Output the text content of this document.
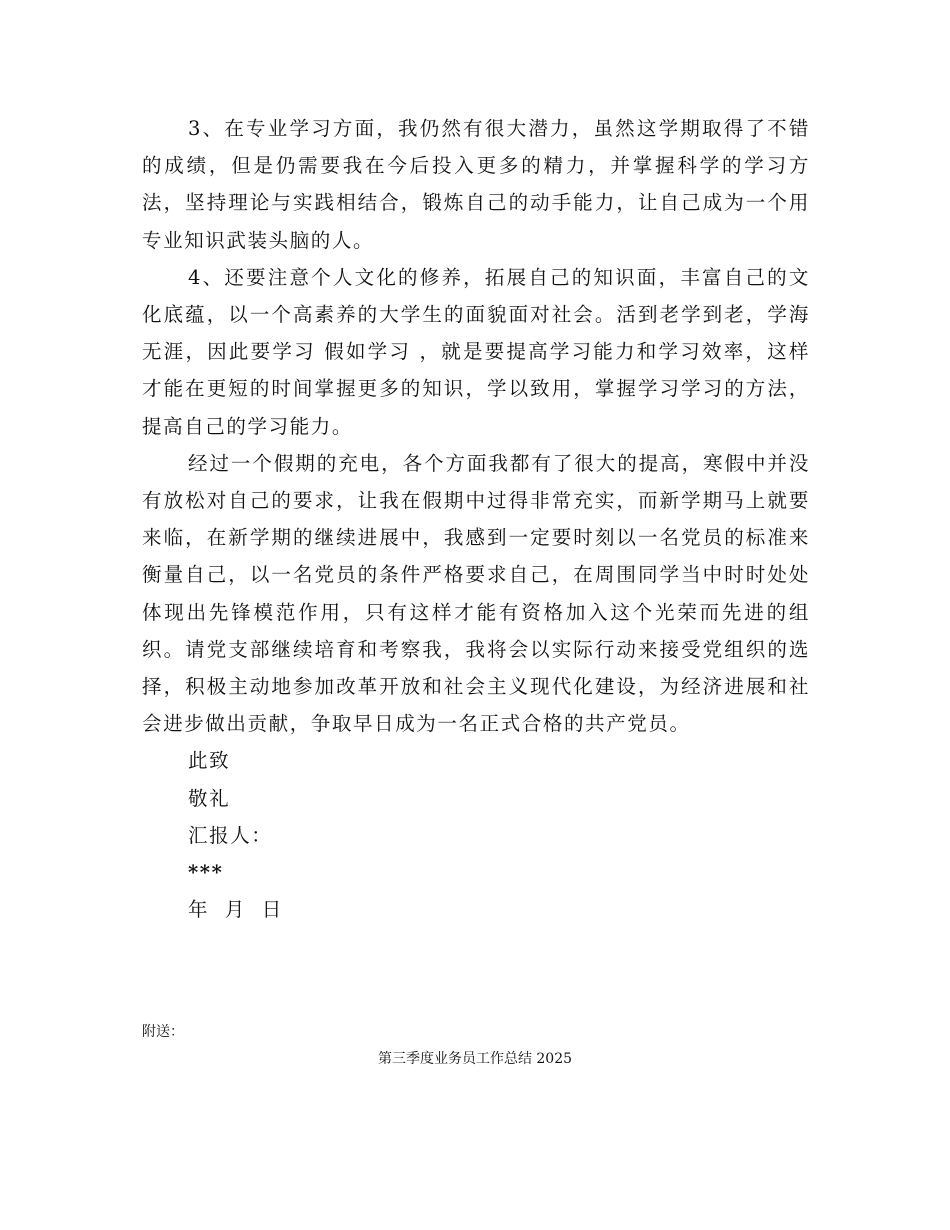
3、在专业学习方面，我仍然有很大潜力，虽然这学期取得了不错的成绩，但是仍需要我在今后投入更多的精力，并掌握科学的学习方法，坚持理论与实践相结合，锻炼自己的动手能力，让自己成为一个用专业知识武装头脑的人。

4、还要注意个人文化的修养，拓展自己的知识面，丰富自己的文化底蕴，以一个高素养的大学生的面貌面对社会。活到老学到老，学海无涯，因此要学习 假如学习 ，就是要提高学习能力和学习效率，这样才能在更短的时间掌握更多的知识，学以致用，掌握学习学习的方法，提高自己的学习能力。

经过一个假期的充电，各个方面我都有了很大的提高，寒假中并没有放松对自己的要求，让我在假期中过得非常充实，而新学期马上就要来临，在新学期的继续进展中，我感到一定要时刻以一名党员的标准来衡量自己，以一名党员的条件严格要求自己，在周围同学当中时时处处体现出先锋模范作用，只有这样才能有资格加入这个光荣而先进的组织。请党支部继续培育和考察我，我将会以实际行动来接受党组织的选择，积极主动地参加改革开放和社会主义现代化建设，为经济进展和社会进步做出贡献，争取早日成为一名正式合格的共产党员。

此致

敬礼

汇报人：

***

年 月 日

附送：
第三季度业务员工作总结 2025
